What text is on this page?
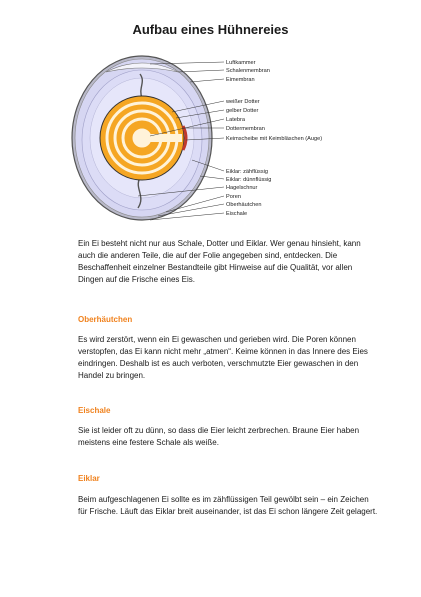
Aufbau eines Hühnereies
Luftkammer
Schalenmembran
Eimembran
weißer Dotter
gelber Dotter
Latebra
Dottermembran
Keimscheibe mit Keimbläschen (Auge)
Eiklar: zähflüssig
Eiklar: dünnflüssig
Hagelschnur
Poren
Oberhäutchen
Eischale
Ein Ei besteht nicht nur aus Schale, Dotter und Eiklar. Wer genau hinsieht, kann auch die anderen Teile, die auf der Folie angegeben sind, entdecken. Die Beschaffenheit einzelner Bestandteile gibt Hinweise auf die Qualität, vor allen Dingen auf die Frische eines Eis.
Oberhäutchen
Es wird zerstört, wenn ein Ei gewaschen und gerieben wird. Die Poren können verstopfen, das Ei kann nicht mehr „atmen“. Keime können in das Innere des Eies eindringen. Deshalb ist es auch verboten, verschmutzte Eier gewaschen in den Handel zu bringen.
Eischale
Sie ist leider oft zu dünn, so dass die Eier leicht zerbrechen. Braune Eier haben meistens eine festere Schale als weiße.
Eiklar
Beim aufgeschlagenen Ei sollte es im zähflüssigen Teil gewölbt sein – ein Zeichen für Frische. Läuft das Eiklar breit auseinander, ist das Ei schon längere Zeit gelagert.
